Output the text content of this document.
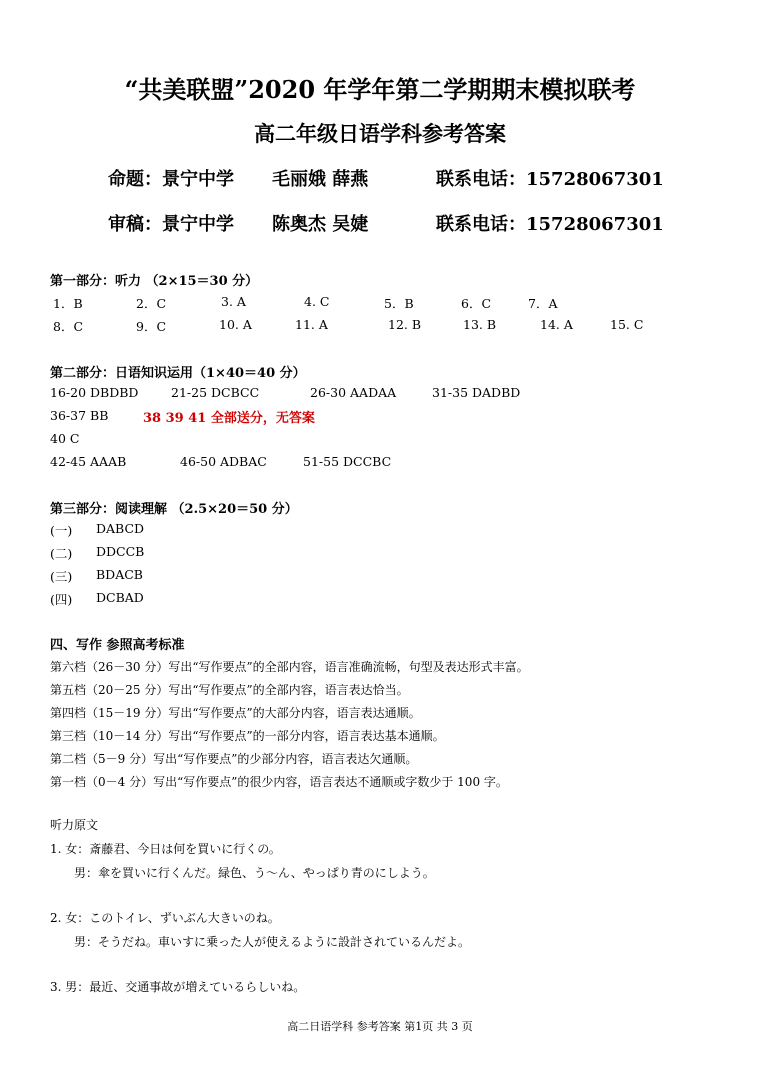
“共美联盟”2020 年学年第二学期期末模拟联考
高二年级日语学科参考答案
命题：景宁中学 毛丽娥 薛燕	联系电话：15728067301
审稿：景宁中学 陈奥杰 吴婕	联系电话：15728067301
第一部分：听力 （2×15＝30 分）
1．B	2．C	3. A	4. C	5．B	6．C	7．A
8．C	9．C	10. A	11. A	12. B	13. B	14. A	15. C
第二部分：日语知识运用（1×40＝40 分）
16-20 DBDBD	21-25 DCBCC	26-30 AADAA	31-35 DADBD
36-37 BB	38 39 41 全部送分，无答案
40 C
42-45 AAAB	46-50 ADBAC	51-55 DCCBC
第三部分：阅读理解 （2.5×20＝50 分）
(一) DABCD
(二) DDCCB
(三) BDACB
(四) DCBAD
四、写作 参照高考标准
第六档（26－30 分）写出“写作要点”的全部内容，语言准确流畅，句型及表达形式丰富。
第五档（20－25 分）写出“写作要点”的全部内容，语言表达恰当。
第四档（15－19 分）写出“写作要点”的大部分内容，语言表达通顺。
第三档（10－14 分）写出“写作要点”的一部分内容，语言表达基本通顺。
第二档（5－9 分）写出“写作要点”的少部分内容，语言表达欠通顺。
第一档（0－4 分）写出“写作要点”的很少内容，语言表达不通顺或字数少于 100 字。
听力原文
1. 女：斎藤君、今日は何を買いに行くの。
男：傘を買いに行くんだ。緑色、う～ん、やっぱり青のにしよう。
2. 女：このトイレ、ずいぶん大きいのね。
男：そうだね。車いすに乗った人が使えるように設計されているんだよ。
3. 男：最近、交通事故が増えているらしいね。
高二日语学科 参考答案 第1页 共 3 页
